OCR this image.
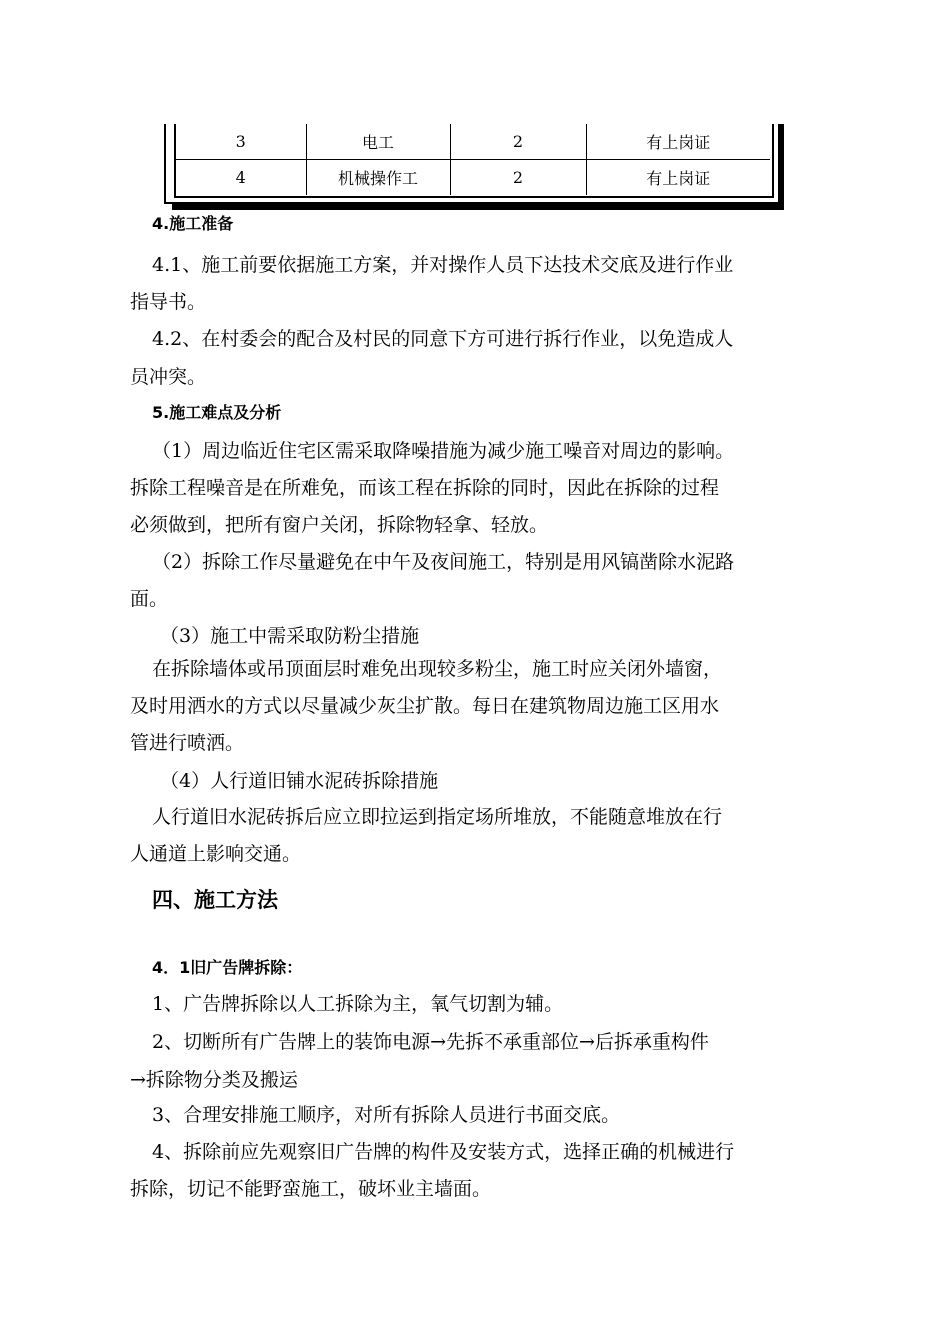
3	电工	2	有上岗证
4	机械操作工	2	有上岗证
4.施工准备
4.1、施工前要依据施工方案，并对操作人员下达技术交底及进行作业
指导书。
4.2、在村委会的配合及村民的同意下方可进行拆行作业，以免造成人
员冲突。
5.施工难点及分析
（1）周边临近住宅区需采取降噪措施为减少施工噪音对周边的影响。
拆除工程噪音是在所难免，而该工程在拆除的同时，因此在拆除的过程
必须做到，把所有窗户关闭，拆除物轻拿、轻放。
（2）拆除工作尽量避免在中午及夜间施工，特别是用风镐凿除水泥路
面。
（3）施工中需采取防粉尘措施
在拆除墙体或吊顶面层时难免出现较多粉尘，施工时应关闭外墙窗，
及时用洒水的方式以尽量减少灰尘扩散。每日在建筑物周边施工区用水
管进行喷洒。
（4）人行道旧铺水泥砖拆除措施
人行道旧水泥砖拆后应立即拉运到指定场所堆放，不能随意堆放在行
人通道上影响交通。
四、施工方法
4．1旧广告牌拆除：
1、广告牌拆除以人工拆除为主，氧气切割为辅。
2、切断所有广告牌上的装饰电源→先拆不承重部位→后拆承重构件
→拆除物分类及搬运
3、合理安排施工顺序，对所有拆除人员进行书面交底。
4、拆除前应先观察旧广告牌的构件及安装方式，选择正确的机械进行
拆除，切记不能野蛮施工，破坏业主墙面。
